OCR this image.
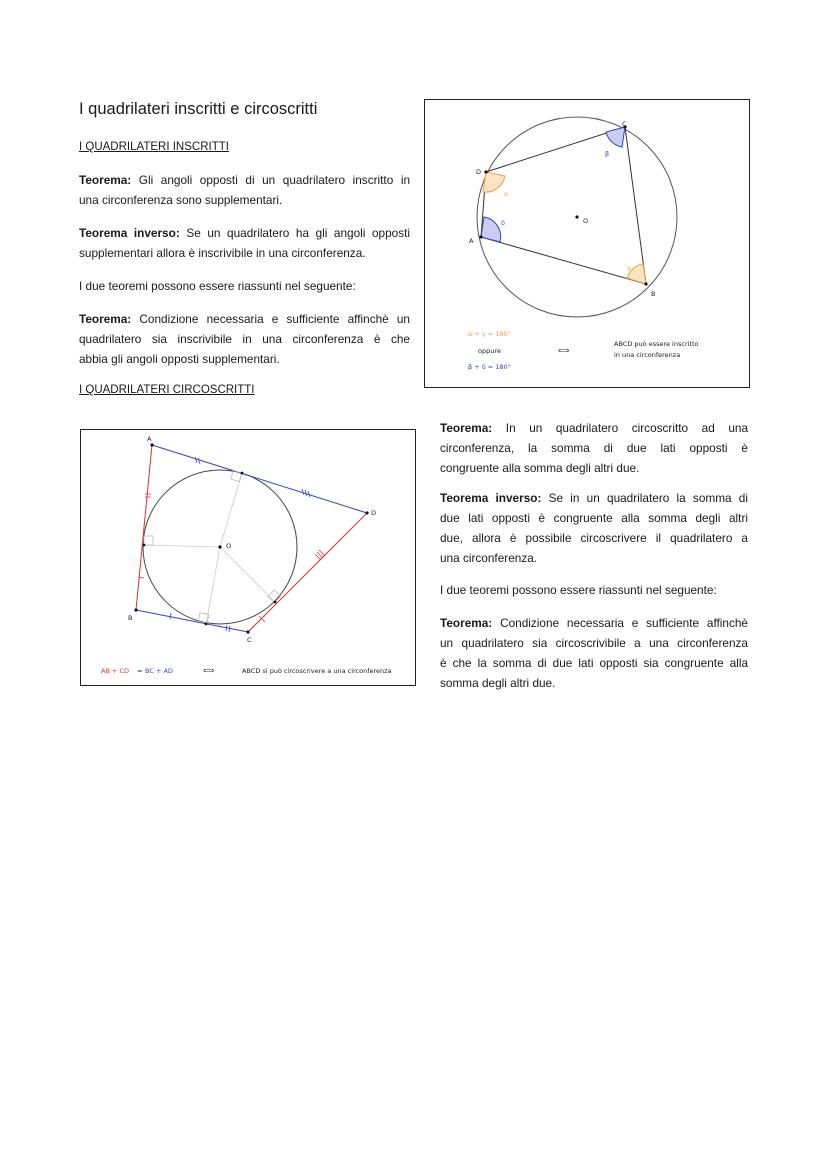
I quadrilateri inscritti e circoscritti
I QUADRILATERI INSCRITTI
Teorema: Gli angoli opposti di un quadrilatero inscritto in
una circonferenza sono supplementari.
Teorema inverso: Se un quadrilatero ha gli angoli opposti
supplementari allora è inscrivibile in una circonferenza.
I due teoremi possono essere riassunti nel seguente:
Teorema: Condizione necessaria e sufficiente affinchè un
quadrilatero sia inscrivibile in una circonferenza è che
abbia gli angoli opposti supplementari.
I QUADRILATERI CIRCOSCRITTI
C
B
A
D
O
α
β
γ
δ
α + γ = 180°
oppure
β + δ = 180°
⟺
ABCD può essere inscritto
in una circonferenza
A
B
C
D
O
AB + CD = BC + AD	⟺	ABCD si può circoscrivere a una circonferenza
Teorema: In un quadrilatero circoscritto ad una
circonferenza, la somma di due lati opposti è
congruente alla somma degli altri due.
Teorema inverso: Se in un quadrilatero la somma di
due lati opposti è congruente alla somma degli altri
due, allora è possibile circoscrivere il quadrilatero a
una circonferenza.
I due teoremi possono essere riassunti nel seguente:
Teorema: Condizione necessaria e sufficiente affinchè
un quadrilatero sia circoscrivibile a una circonferenza
è che la somma di due lati opposti sia congruente alla
somma degli altri due.
